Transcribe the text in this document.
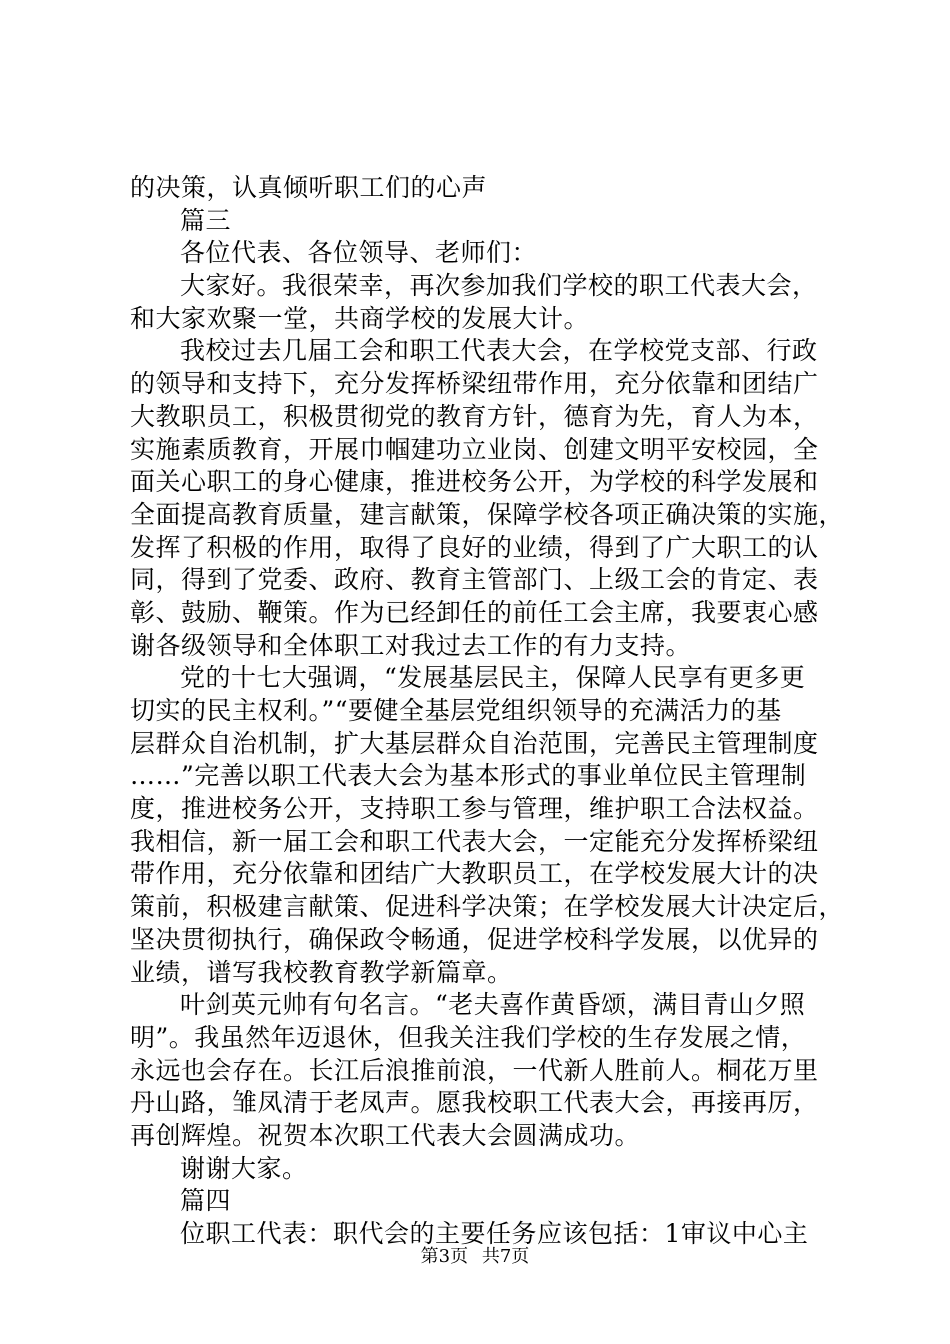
的决策，认真倾听职工们的心声
篇三
各位代表、各位领导、老师们：
大家好。我很荣幸，再次参加我们学校的职工代表大会，
和大家欢聚一堂，共商学校的发展大计。
我校过去几届工会和职工代表大会，在学校党支部、行政
的领导和支持下，充分发挥桥梁纽带作用，充分依靠和团结广
大教职员工，积极贯彻党的教育方针，德育为先，育人为本，
实施素质教育，开展巾帼建功立业岗、创建文明平安校园，全
面关心职工的身心健康，推进校务公开，为学校的科学发展和
全面提高教育质量，建言献策，保障学校各项正确决策的实施，
发挥了积极的作用，取得了良好的业绩，得到了广大职工的认
同，得到了党委、政府、教育主管部门、上级工会的肯定、表
彰、鼓励、鞭策。作为已经卸任的前任工会主席，我要衷心感
谢各级领导和全体职工对我过去工作的有力支持。
党的十七大强调，“发展基层民主，保障人民享有更多更
切实的民主权利。”“要健全基层党组织领导的充满活力的基
层群众自治机制，扩大基层群众自治范围，完善民主管理制度
……”完善以职工代表大会为基本形式的事业单位民主管理制
度，推进校务公开，支持职工参与管理，维护职工合法权益。
我相信，新一届工会和职工代表大会，一定能充分发挥桥梁纽
带作用，充分依靠和团结广大教职员工，在学校发展大计的决
策前，积极建言献策、促进科学决策；在学校发展大计决定后，
坚决贯彻执行，确保政令畅通，促进学校科学发展，以优异的
业绩，谱写我校教育教学新篇章。
叶剑英元帅有句名言。“老夫喜作黄昏颂，满目青山夕照
明”。我虽然年迈退休，但我关注我们学校的生存发展之情，
永远也会存在。长江后浪推前浪，一代新人胜前人。桐花万里
丹山路，雏凤清于老凤声。愿我校职工代表大会，再接再厉，
再创辉煌。祝贺本次职工代表大会圆满成功。
谢谢大家。
篇四
位职工代表：职代会的主要任务应该包括：1审议中心主
第3页 共7页
